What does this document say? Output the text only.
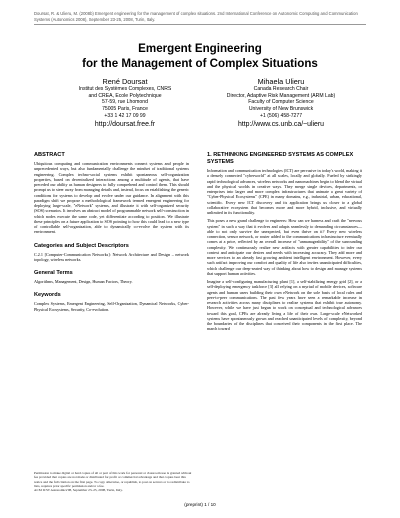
Doursat, R. & Ulieru, M. (2008b) Emergent engineering for the management of complex situations. 2nd International Conference on Autonomic Computing and Communication Systems (Autonomics 2008), September 23-25, 2008, Turin, Italy.
Emergent Engineering
for the Management of Complex Situations
René Doursat
Institut des Systèmes Complexes, CNRS
and CREA, Ecole Polytechnique
57-59, rue Lhomond
75005 Paris, France
+33 1 42 17 09 99
http://doursat.free.fr
Mihaela Ulieru
Canada Research Chair
Director, Adaptive Risk Management (ARM Lab)
Faculty of Computer Science
University of New Brunswick
+1 (506) 458-7277
http://www.cs.unb.ca/~ulieru
ABSTRACT

Ubiquitous computing and communication environments connect systems and people in unprecedented ways, but also fundamentally challenge the mindset of traditional systems engineering. Complex techno-social systems exhibit spontaneous self-organization properties, based on decentralized interactions among a multitude of agents, that have preceded our ability as human designers to fully comprehend and control them. This should prompt us to steer away from managing details and, instead, focus on establishing the generic conditions for systems to develop and evolve under our guidance. In alignment with this paradigm shift we propose a methodological framework termed emergent engineering for deploying large-scale, "eNetwork" systems, and illustrate it with self-organized security (SOS) scenarios. It involves an abstract model of programmable network self-construction in which nodes execute the same code, yet differentiate according to position. We illustrate these principles on a future application to SOS pointing to how this could lead to a new type of controllable self-organization, able to dynamically co-evolve the system with its environment.

Categories and Subject Descriptors

C.2.1 [Computer-Communication Networks]: Network Architecture and Design – network topology, wireless networks.

General Terms

Algorithms, Management, Design, Human Factors, Theory.

Keywords

Complex Systems, Emergent Engineering, Self-Organization, Dynamical Networks, Cyber-Physical Ecosystems, Security, Co-evolution.

Permission to make digital or hard copies of all or part of this work for personal or classroom use is granted without fee provided that copies are not made or distributed for profit or commercial advantage and that copies bear this notice and the full citation on the first page. To copy otherwise, or republish, to post on servers or to redistribute to lists, requires prior specific permission and/or a fee.
ACM ICST Autonomics'08, September 23–25, 2008, Turin, Italy.
1. RETHINKING ENGINEERED SYSTEMS AS COMPLEX SYSTEMS

Information and communication technologies (ICT) are pervasive in today's world, making it a densely connected "cyberworld" at all scales, locally and globally. Fueled by strikingly rapid technological advances, wireless networks and nanomachines begin to blend the virtual and the physical worlds in creative ways. They merge single devices, departments, or enterprises into larger and more complex infrastructures that animate a great variety of "Cyber-Physical Ecosystems" (CPE) in many domains, e.g., industrial, urban, educational, scientific. Every new ICT discovery and its application brings us closer to a global collaborative ecosystem that becomes more and more hybrid, inclusive, and virtually unlimited in its functionality.

This poses a new grand challenge to engineers: How can we harness and craft the "nervous system" in such a way that it evolves and adapts seamlessly to demanding circumstances—able to not only survive the unexpected, but even thrive on it? Every new wireless connection, sensor network, or router added to the communications infrastructure eventually comes at a price, reflected by an overall increase of "unmanageability" of the surrounding complexity. We continuously realize new artifacts with greater capabilities to infer our context and anticipate our desires and needs with increasing accuracy. They add more and more services to an already fast growing ambient intelligent environment. However, every such artifact improving our comfort and quality of life also invites unanticipated difficulties, which challenge our deep-seated way of thinking about how to design and manage systems that support human activities.

Imagine a self-configuring manufacturing plant [1], a self-stabilizing energy grid [2], or a self-deploying emergency taskforce [3] all relying on a myriad of mobile devices, software agents and human users building their own eNetwork on the sole basis of local rules and peer-to-peer communications. The past few years have seen a remarkable increase in research activities across many disciplines to realize systems that exhibit true autonomy. However, while we have just begun to work on conceptual and technological advances toward this goal, CPEs are already living a life of their own. Large-scale eNetworked systems have spontaneously grown and reached unanticipated levels of complexity, beyond the boundaries of the disciplines that conceived their components in the first place. The march toward

(preprint) 1 / 10
